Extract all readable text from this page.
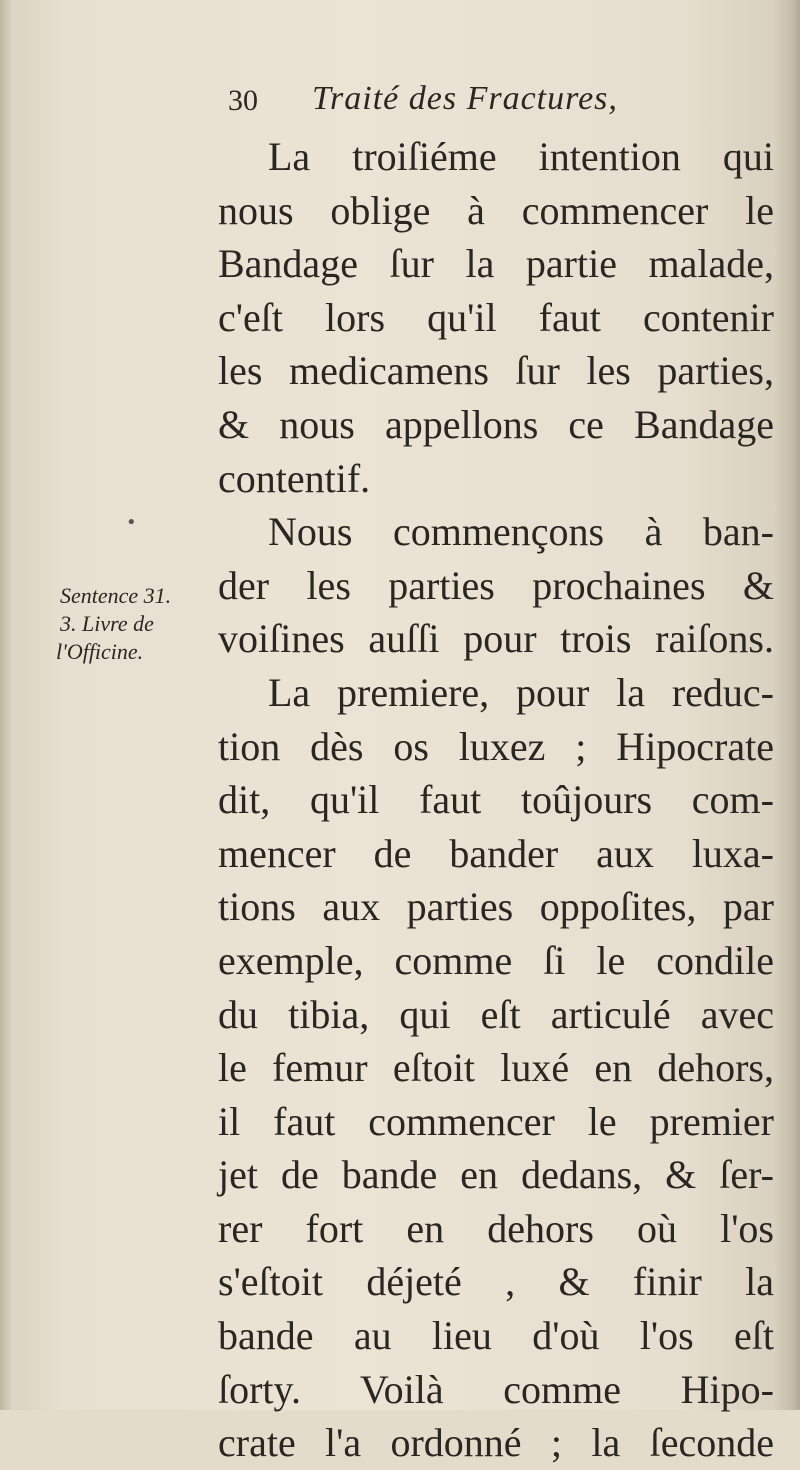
30 Traité des Fractures,
•
Sentence 31.
3. Livre de
l'Officine.
La troiſiéme intention qui
nous oblige à commencer le
Bandage ſur la partie malade,
c'eſt lors qu'il faut contenir
les medicamens ſur les parties,
& nous appellons ce Bandage
contentif.
Nous commençons à ban-
der les parties prochaines &
voiſines auſſi pour trois raiſons.
La premiere, pour la reduc-
tion dès os luxez ; Hipocrate
dit, qu'il faut toûjours com-
mencer de bander aux luxa-
tions aux parties oppoſites, par
exemple, comme ſi le condile
du tibia, qui eſt articulé avec
le femur eſtoit luxé en dehors,
il faut commencer le premier
jet de bande en dedans, & ſer-
rer fort en dehors où l'os
s'eſtoit déjeté , & finir la
bande au lieu d'où l'os eſt
ſorty. Voilà comme Hipo-
crate l'a ordonné ; la ſeconde
